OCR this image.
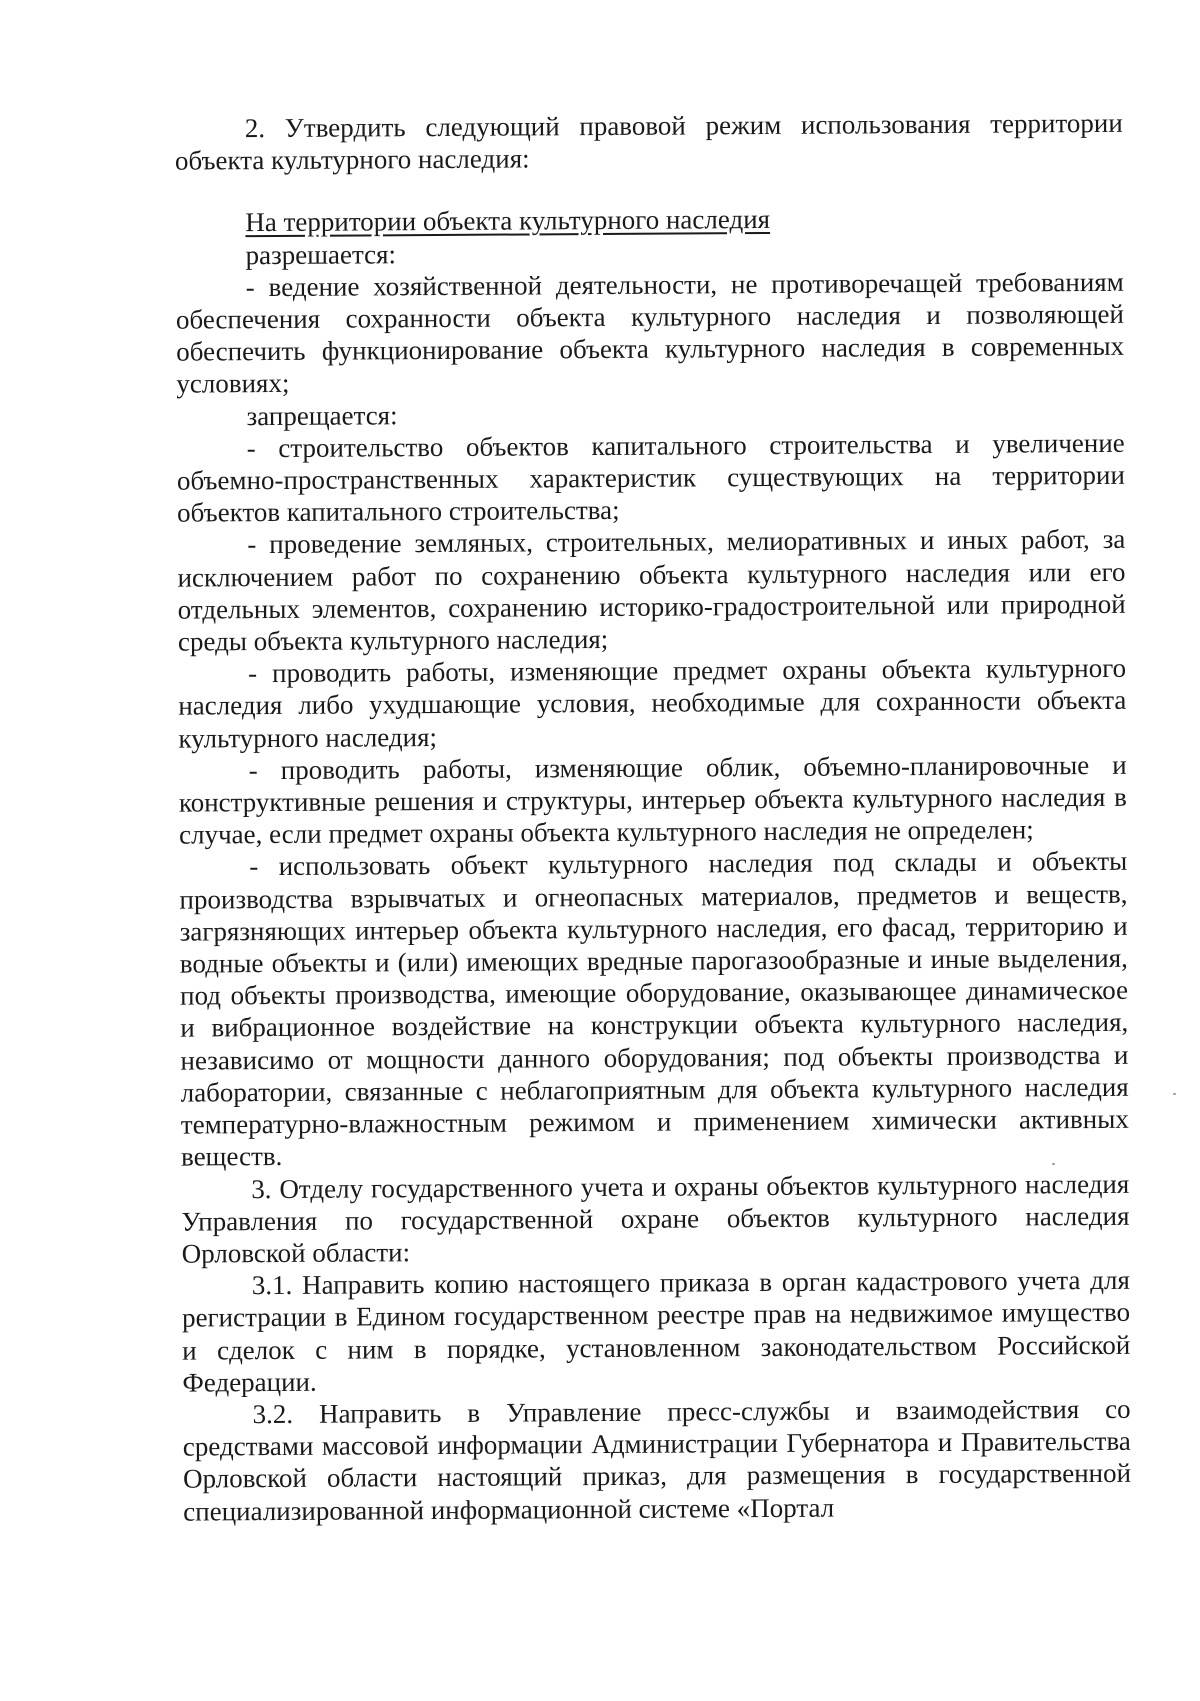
2. Утвердить следующий правовой режим использования территории объекта культурного наследия:

На территории объекта культурного наследия
разрешается:

- ведение хозяйственной деятельности, не противоречащей требованиям обеспечения сохранности объекта культурного наследия и позволяющей обеспечить функционирование объекта культурного наследия в современных условиях;

запрещается:

- строительство объектов капитального строительства и увеличение объемно-пространственных характеристик существующих на территории объектов капитального строительства;

- проведение земляных, строительных, мелиоративных и иных работ, за исключением работ по сохранению объекта культурного наследия или его отдельных элементов, сохранению историко-градостроительной или природной среды объекта культурного наследия;

- проводить работы, изменяющие предмет охраны объекта культурного наследия либо ухудшающие условия, необходимые для сохранности объекта культурного наследия;

- проводить работы, изменяющие облик, объемно-планировочные и конструктивные решения и структуры, интерьер объекта культурного наследия в случае, если предмет охраны объекта культурного наследия не определен;

- использовать объект культурного наследия под склады и объекты производства взрывчатых и огнеопасных материалов, предметов и веществ, загрязняющих интерьер объекта культурного наследия, его фасад, территорию и водные объекты и (или) имеющих вредные парогазообразные и иные выделения, под объекты производства, имеющие оборудование, оказывающее динамическое и вибрационное воздействие на конструкции объекта культурного наследия, независимо от мощности данного оборудования; под объекты производства и лаборатории, связанные с неблагоприятным для объекта культурного наследия температурно-влажностным режимом и применением химически активных веществ.

3. Отделу государственного учета и охраны объектов культурного наследия Управления по государственной охране объектов культурного наследия Орловской области:

3.1. Направить копию настоящего приказа в орган кадастрового учета для регистрации в Едином государственном реестре прав на недвижимое имущество и сделок с ним в порядке, установленном законодательством Российской Федерации.

3.2. Направить в Управление пресс-службы и взаимодействия со средствами массовой информации Администрации Губернатора и Правительства Орловской области настоящий приказ, для размещения в государственной специализированной информационной системе «Портал
